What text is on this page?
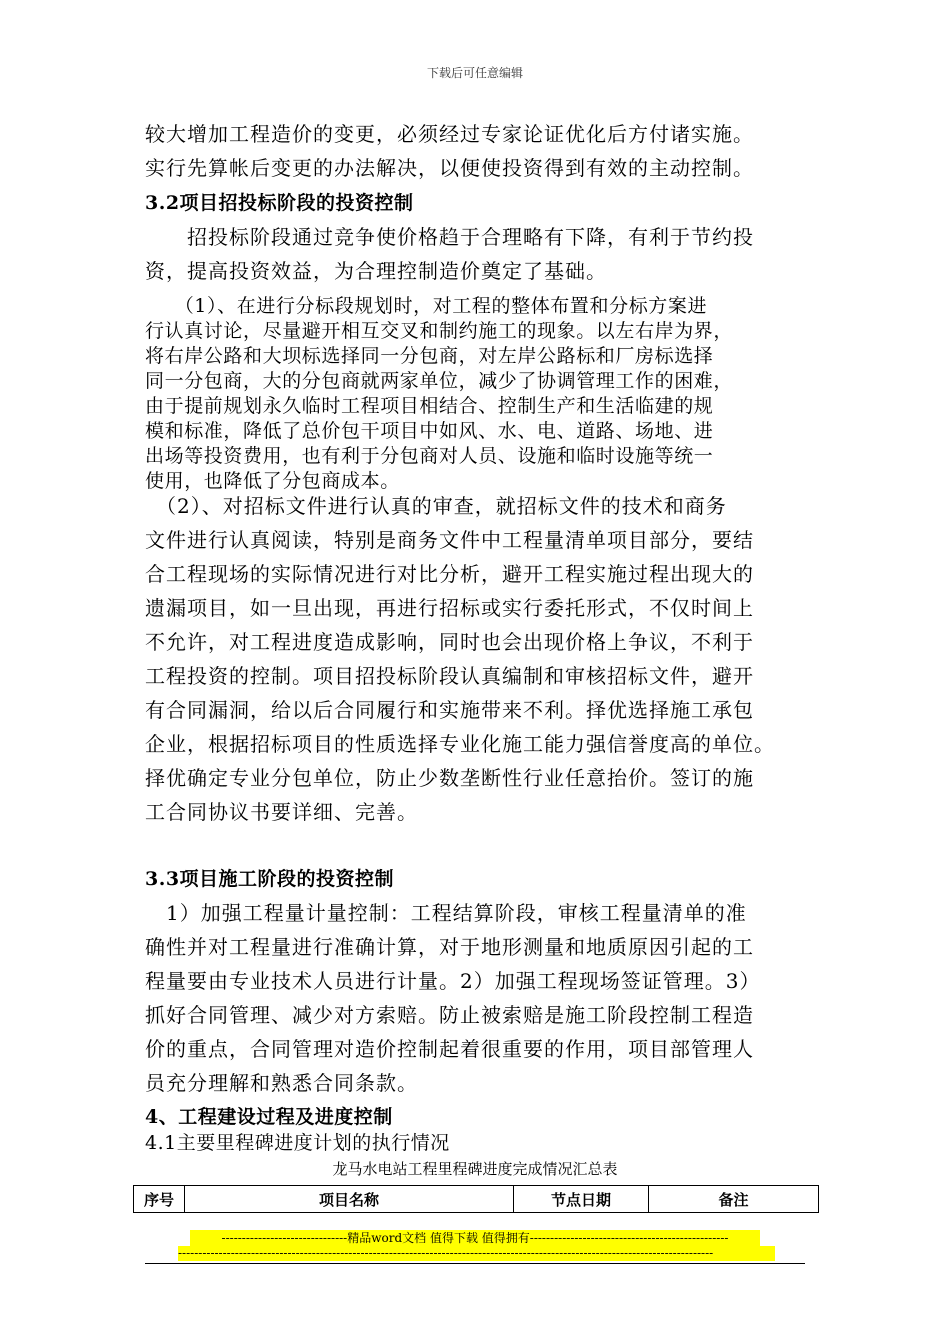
下载后可任意编辑
较大增加工程造价的变更，必须经过专家论证优化后方付诸实施。
实行先算帐后变更的办法解决，以便使投资得到有效的主动控制。
3.2项目招投标阶段的投资控制
　　招投标阶段通过竞争使价格趋于合理略有下降，有利于节约投
资，提高投资效益，为合理控制造价奠定了基础。
　　（1）、在进行分标段规划时，对工程的整体布置和分标方案进
行认真讨论，尽量避开相互交叉和制约施工的现象。以左右岸为界，
将右岸公路和大坝标选择同一分包商，对左岸公路标和厂房标选择
同一分包商，大的分包商就两家单位，减少了协调管理工作的困难，
由于提前规划永久临时工程项目相结合、控制生产和生活临建的规
模和标准，降低了总价包干项目中如风、水、电、道路、场地、进
出场等投资费用，也有利于分包商对人员、设施和临时设施等统一
使用，也降低了分包商成本。
　（2）、对招标文件进行认真的审查，就招标文件的技术和商务
文件进行认真阅读，特别是商务文件中工程量清单项目部分，要结
合工程现场的实际情况进行对比分析，避开工程实施过程出现大的
遗漏项目，如一旦出现，再进行招标或实行委托形式，不仅时间上
不允许，对工程进度造成影响，同时也会出现价格上争议，不利于
工程投资的控制。项目招投标阶段认真编制和审核招标文件，避开
有合同漏洞，给以后合同履行和实施带来不利。择优选择施工承包
企业，根据招标项目的性质选择专业化施工能力强信誉度高的单位。
择优确定专业分包单位，防止少数垄断性行业任意抬价。签订的施
工合同协议书要详细、完善。
3.3项目施工阶段的投资控制
　1）加强工程量计量控制：工程结算阶段，审核工程量清单的准
确性并对工程量进行准确计算，对于地形测量和地质原因引起的工
程量要由专业技术人员进行计量。2）加强工程现场签证管理。3）
抓好合同管理、减少对方索赔。防止被索赔是施工阶段控制工程造
价的重点，合同管理对造价控制起着很重要的作用，项目部管理人
员充分理解和熟悉合同条款。
4、工程建设过程及进度控制
4.1主要里程碑进度计划的执行情况
龙马水电站工程里程碑进度完成情况汇总表
序号	项目名称	节点日期	备注
-------------------------------精品word文档 值得下载 值得拥有-------------------------------------------------
------------------------------------------------------------------------------------------------------------------------------------
